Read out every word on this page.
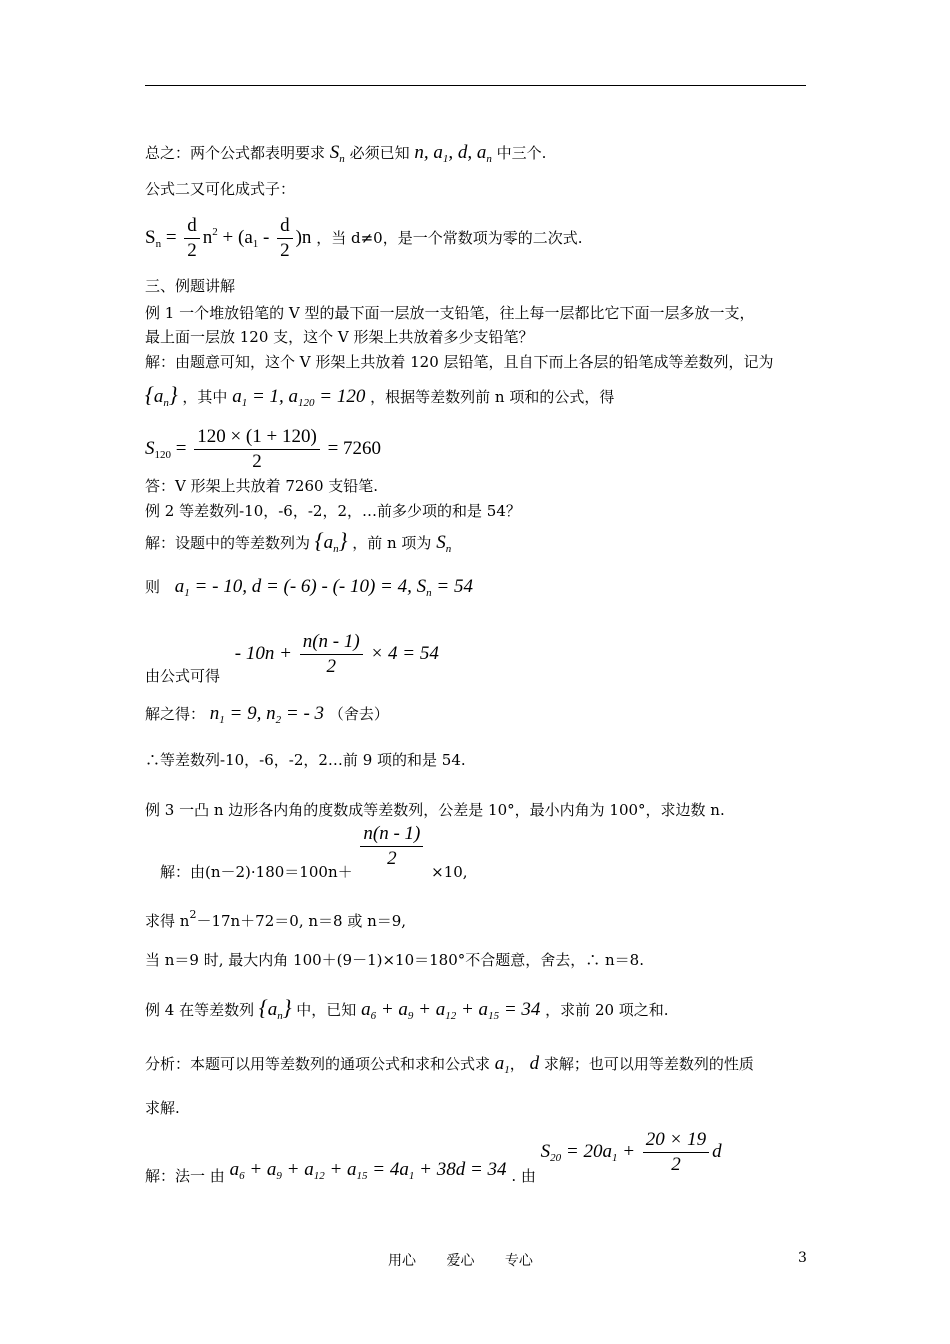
总之：两个公式都表明要求 $S_n$ 必须已知 n, $a_1$, d, $a_n$ 中三个.
公式二又可化成式子：
$S_n = \frac{d}{2} n^2 + (a_1 - \frac{d}{2} )n$ ，当 d≠0，是一个常数项为零的二次式.
三、例题讲解
例 1 一个堆放铅笔的 V 型的最下面一层放一支铅笔，往上每一层都比它下面一层多放一支，
最上面一层放 120 支，这个 V 形架上共放着多少支铅笔？
解：由题意可知，这个 V 形架上共放着 120 层铅笔，且自下而上各层的铅笔成等差数列，记为
$\{a_n\}$ ，其中 $a_1 = 1$, $a_{120} = 120$ ，根据等差数列前 n 项和的公式，得
$S_{120} = \frac{120 \times (1 + 120)}{2} = 7260$
答：V 形架上共放着 7260 支铅笔.
例 2 等差数列-10，-6，-2，2，…前多少项的和是 54？
解：设题中的等差数列为 $\{a_n\}$ ，前 n 项为 $S_n$
则 $a_1$ = - 10, d = (- 6) - (- 10) = 4, $S_n = 54$
由公式可得 - $10n + \frac{n(n - 1)}{2} \times 4 = 54$
解之得： $n_1 = 9$, $n_2$ = - 3 （舍去）
∴等差数列-10，-6，-2，2…前 9 项的和是 54.
例 3 一凸 n 边形各内角的度数成等差数列，公差是 10°，最小内角为 100°，求边数 n.
解：由(n－2)·180＝100n＋
$\frac{n(n - 1)}{2}$
×10,
求得 $n^2-17n+72=0$, n＝8 或 n＝9,
当 n＝9 时, 最大内角 100＋(9－1)×10＝180°不合题意，舍去，∴ n＝8.
例 4 在等差数列 $\{a_n\}$ 中，已知 $a_6 + a_9 + a_{12} + a_{15} = 34$ ，求前 20 项之和.
分析：本题可以用等差数列的通项公式和求和公式求 $a_1$， d 求解；也可以用等差数列的性质
求解.
解：法一 由 $a_6 + a_9 + a_{12} + a_{15} = 4a_1 + 38d = 34$ . 由 $S_{20} = 20a_1 + \frac{20 \times 19}{2}$ d
用心 爱心 专心	3
